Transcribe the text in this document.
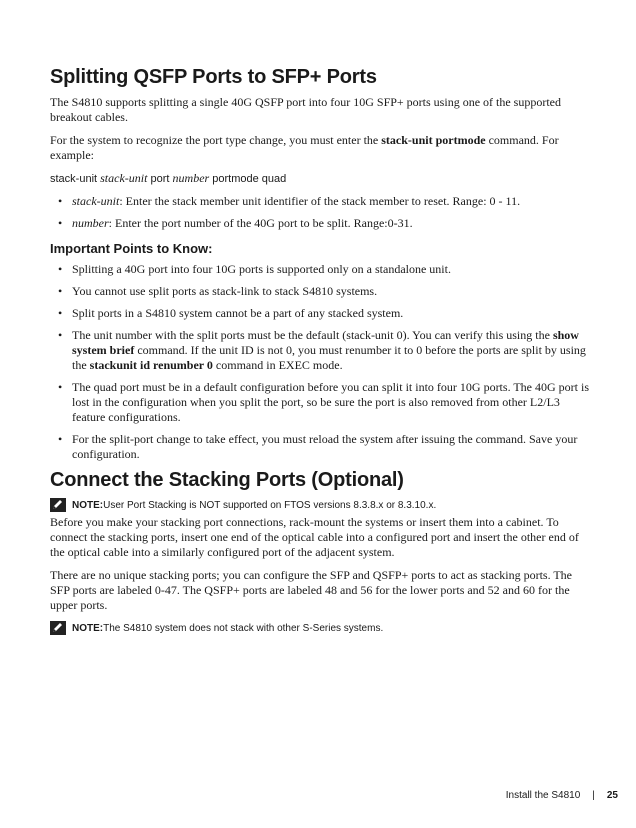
Splitting QSFP Ports to SFP+ Ports

The S4810 supports splitting a single 40G QSFP port into four 10G SFP+ ports using one of the supported breakout cables.

For the system to recognize the port type change, you must enter the stack-unit portmode command. For example:

stack-unit stack-unit port number portmode quad
• stack-unit: Enter the stack member unit identifier of the stack member to reset. Range: 0 - 11.
• number: Enter the port number of the 40G port to be split. Range:0-31.
Important Points to Know:
• Splitting a 40G port into four 10G ports is supported only on a standalone unit.
• You cannot use split ports as stack-link to stack S4810 systems.
• Split ports in a S4810 system cannot be a part of any stacked system.
• The unit number with the split ports must be the default (stack-unit 0). You can verify this using the show system brief command. If the unit ID is not 0, you must renumber it to 0 before the ports are split by using the stackunit id renumber 0 command in EXEC mode.
• The quad port must be in a default configuration before you can split it into four 10G ports. The 40G port is lost in the configuration when you split the port, so be sure the port is also removed from other L2/L3 feature configurations.
• For the split-port change to take effect, you must reload the system after issuing the command. Save your configuration.
Connect the Stacking Ports (Optional)
NOTE: User Port Stacking is NOT supported on FTOS versions 8.3.8.x or 8.3.10.x.

Before you make your stacking port connections, rack-mount the systems or insert them into a cabinet. To connect the stacking ports, insert one end of the optical cable into a configured port and insert the other end of the optical cable into a similarly configured port of the adjacent system.

There are no unique stacking ports; you can configure the SFP and QSFP+ ports to act as stacking ports. The SFP ports are labeled 0-47. The QSFP+ ports are labeled 48 and 56 for the lower ports and 52 and 60 for the upper ports.

NOTE: The S4810 system does not stack with other S-Series systems.
Install the S4810 | 25
